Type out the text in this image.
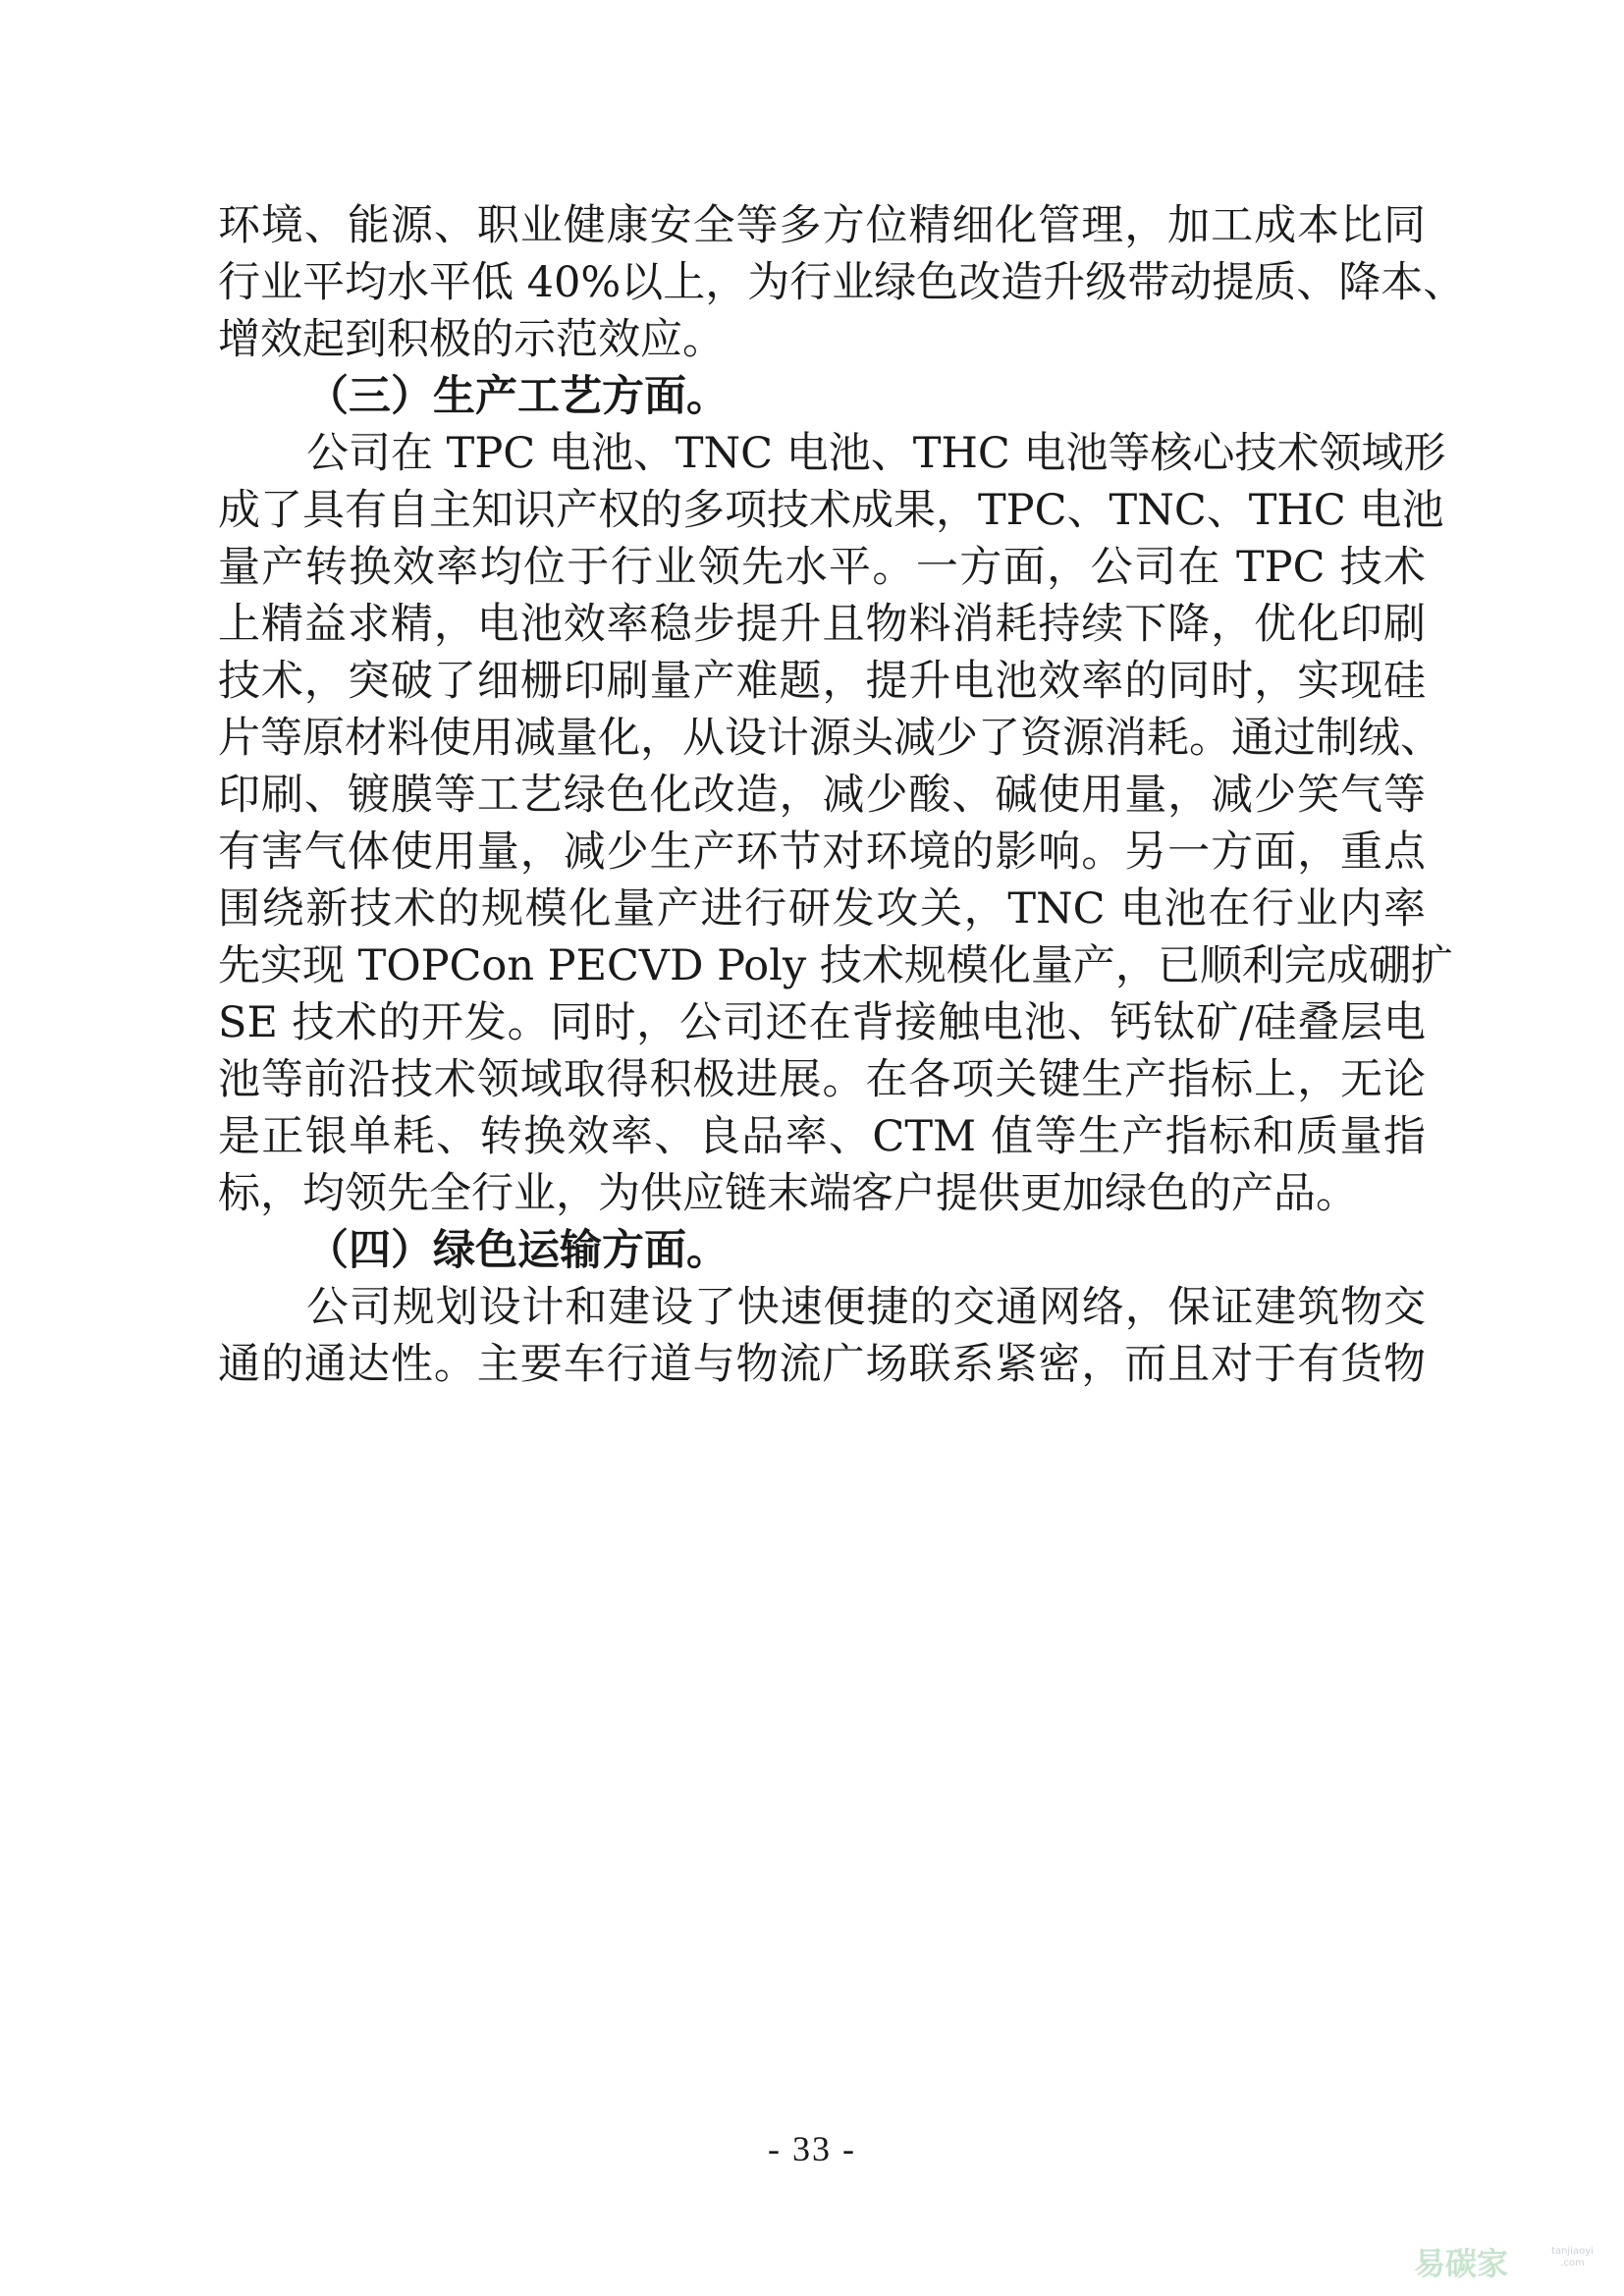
环境、能源、职业健康安全等多方位精细化管理，加工成本比同
行业平均水平低 40%以上，为行业绿色改造升级带动提质、降本、
增效起到积极的示范效应。
（三）生产工艺方面。
公司在 TPC 电池、TNC 电池、THC 电池等核心技术领域形
成了具有自主知识产权的多项技术成果，TPC、TNC、THC 电池
量产转换效率均位于行业领先水平。一方面，公司在 TPC 技术
上精益求精，电池效率稳步提升且物料消耗持续下降，优化印刷
技术，突破了细栅印刷量产难题，提升电池效率的同时，实现硅
片等原材料使用减量化，从设计源头减少了资源消耗。通过制绒、
印刷、镀膜等工艺绿色化改造，减少酸、碱使用量，减少笑气等
有害气体使用量，减少生产环节对环境的影响。另一方面，重点
围绕新技术的规模化量产进行研发攻关，TNC 电池在行业内率
先实现 TOPCon PECVD Poly 技术规模化量产，已顺利完成硼扩
SE 技术的开发。同时，公司还在背接触电池、钙钛矿/硅叠层电
池等前沿技术领域取得积极进展。在各项关键生产指标上，无论
是正银单耗、转换效率、良品率、CTM 值等生产指标和质量指
标，均领先全行业，为供应链末端客户提供更加绿色的产品。
（四）绿色运输方面。
公司规划设计和建设了快速便捷的交通网络，保证建筑物交
通的通达性。主要车行道与物流广场联系紧密，而且对于有货物
- 33 -
易碳家	tanjiaoyi
.com
